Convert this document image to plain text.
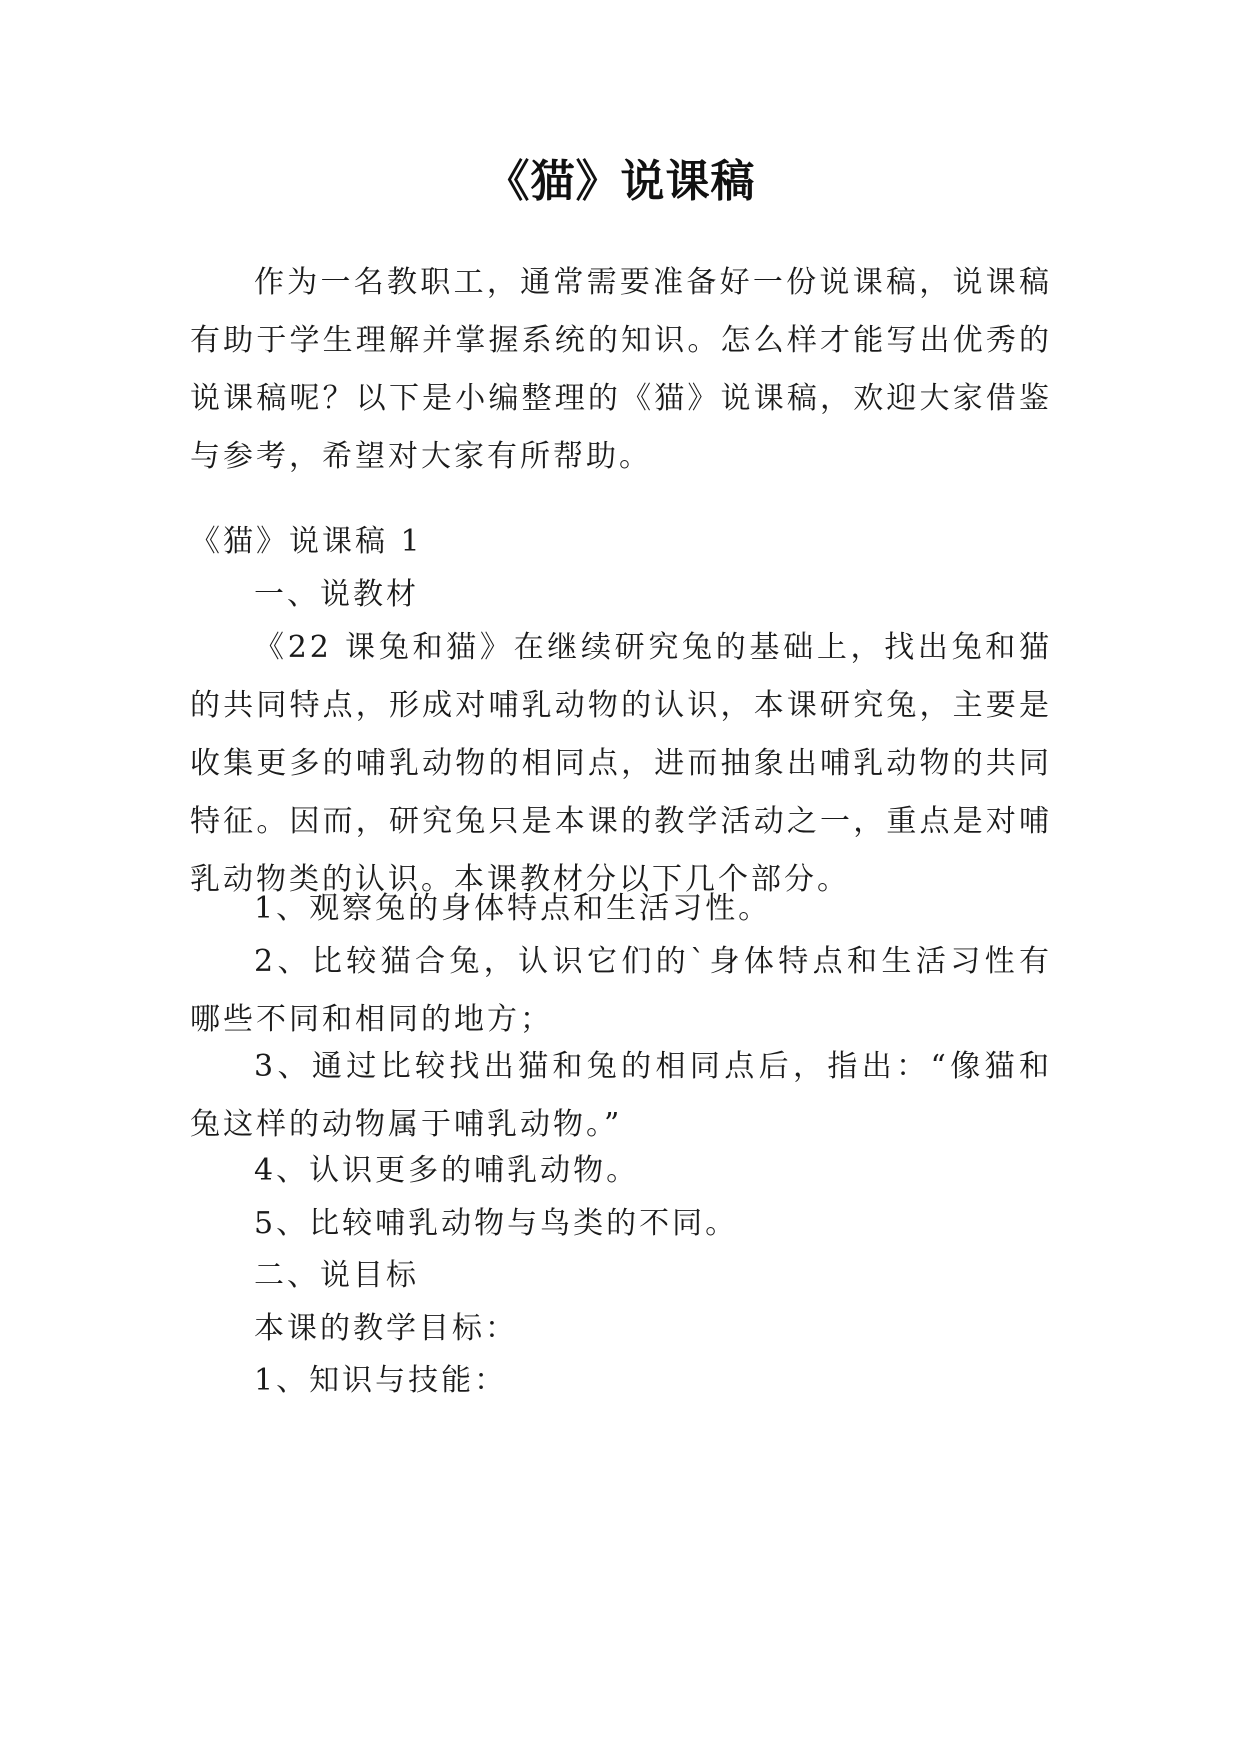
《猫》说课稿

作为一名教职工，通常需要准备好一份说课稿，说课稿有助于学生理解并掌握系统的知识。怎么样才能写出优秀的说课稿呢？以下是小编整理的《猫》说课稿，欢迎大家借鉴与参考，希望对大家有所帮助。

《猫》说课稿 1

一、说教材

《22 课兔和猫》在继续研究兔的基础上，找出兔和猫的共同特点，形成对哺乳动物的认识，本课研究兔，主要是收集更多的哺乳动物的相同点，进而抽象出哺乳动物的共同特征。因而，研究兔只是本课的教学活动之一，重点是对哺乳动物类的认识。本课教材分以下几个部分。

1、观察兔的身体特点和生活习性。

2、比较猫合兔，认识它们的`身体特点和生活习性有哪些不同和相同的地方；

3、通过比较找出猫和兔的相同点后，指出：“像猫和兔这样的动物属于哺乳动物。”

4、认识更多的哺乳动物。

5、比较哺乳动物与鸟类的不同。

二、说目标

本课的教学目标：

1、知识与技能：
